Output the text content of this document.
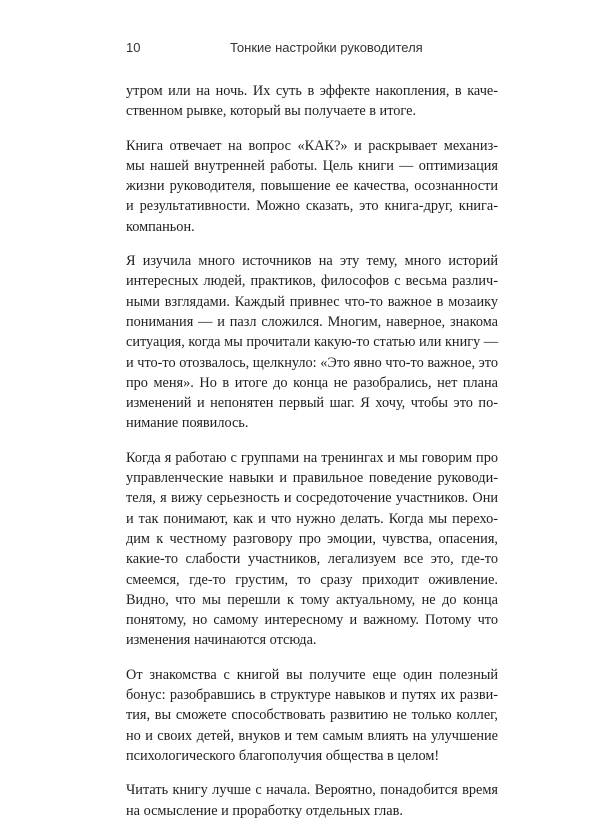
10	Тонкие настройки руководителя
утром или на ночь. Их суть в эффекте накопления, в каче-
ственном рывке, который вы получаете в итоге.
Книга отвечает на вопрос «КАК?» и раскрывает механиз-
мы нашей внутренней работы. Цель книги — оптимизация
жизни руководителя, повышение ее качества, осознанности
и результативности. Можно сказать, это книга-друг, книга-
компаньон.
Я изучила много источников на эту тему, много историй
интересных людей, практиков, философов с весьма различ-
ными взглядами. Каждый привнес что-то важное в мозаику
понимания — и пазл сложился. Многим, наверное, знакома
ситуация, когда мы прочитали какую-то статью или книгу —
и что-то отозвалось, щелкнуло: «Это явно что-то важное, это
про меня». Но в итоге до конца не разобрались, нет плана
изменений и непонятен первый шаг. Я хочу, чтобы это по-
нимание появилось.
Когда я работаю с группами на тренингах и мы говорим про
управленческие навыки и правильное поведение руководи-
теля, я вижу серьезность и сосредоточение участников. Они
и так понимают, как и что нужно делать. Когда мы перехо-
дим к честному разговору про эмоции, чувства, опасения,
какие-то слабости участников, легализуем все это, где-то
смеемся, где-то грустим, то сразу приходит оживление.
Видно, что мы перешли к тому актуальному, не до конца
понятому, но самому интересному и важному. Потому что
изменения начинаются отсюда.
От знакомства с книгой вы получите еще один полезный
бонус: разобравшись в структуре навыков и путях их разви-
тия, вы сможете способствовать развитию не только коллег,
но и своих детей, внуков и тем самым влиять на улучшение
психологического благополучия общества в целом!
Читать книгу лучше с начала. Вероятно, понадобится время
на осмысление и проработку отдельных глав.
